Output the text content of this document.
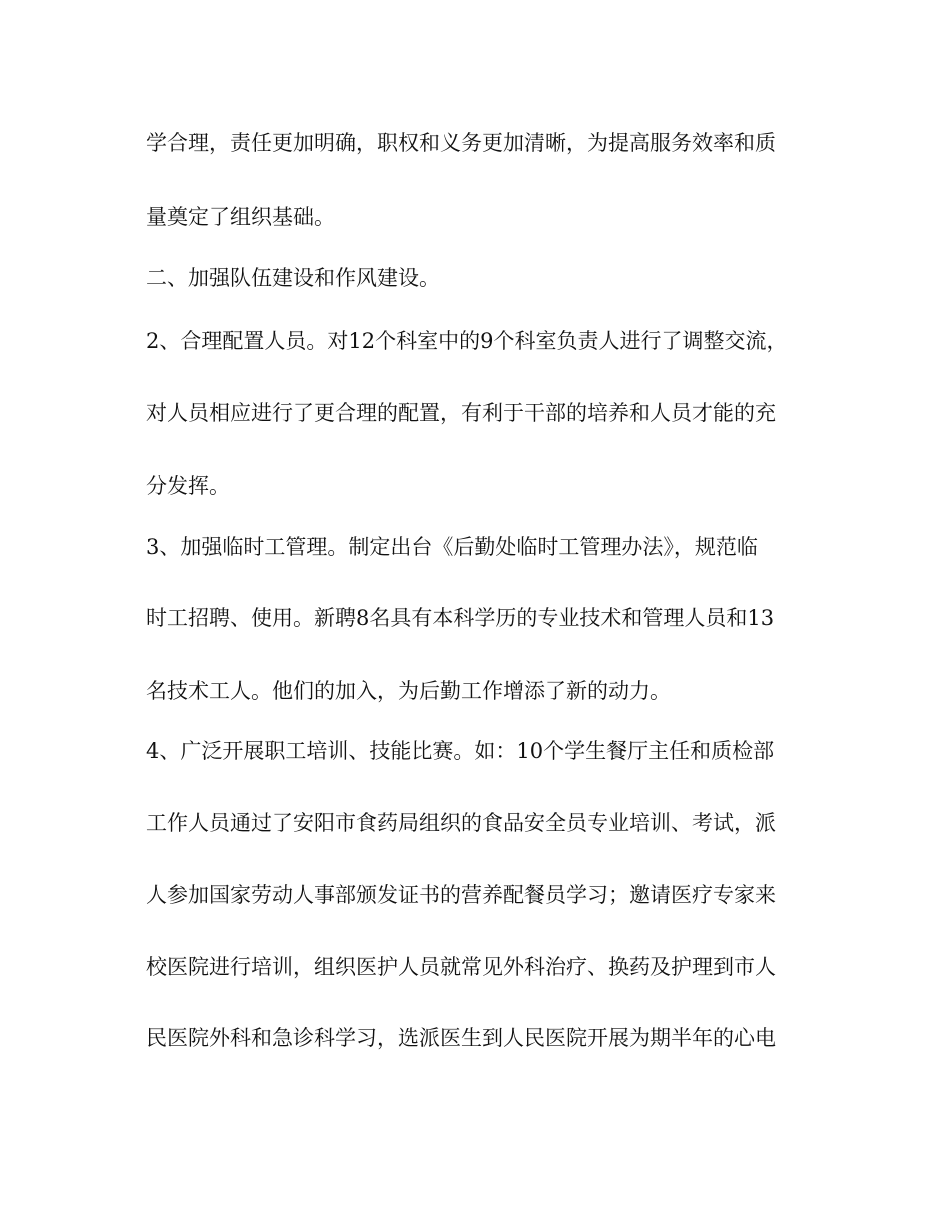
学合理，责任更加明确，职权和义务更加清晰，为提高服务效率和质

量奠定了组织基础。

二、加强队伍建设和作风建设。

2、合理配置人员。对12个科室中的9个科室负责人进行了调整交流，

对人员相应进行了更合理的配置，有利于干部的培养和人员才能的充

分发挥。

3、加强临时工管理。制定出台《后勤处临时工管理办法》，规范临

时工招聘、使用。新聘8名具有本科学历的专业技术和管理人员和13

名技术工人。他们的加入，为后勤工作增添了新的动力。

4、广泛开展职工培训、技能比赛。如：10个学生餐厅主任和质检部

工作人员通过了安阳市食药局组织的食品安全员专业培训、考试，派

人参加国家劳动人事部颁发证书的营养配餐员学习；邀请医疗专家来

校医院进行培训，组织医护人员就常见外科治疗、换药及护理到市人

民医院外科和急诊科学习，选派医生到人民医院开展为期半年的心电
